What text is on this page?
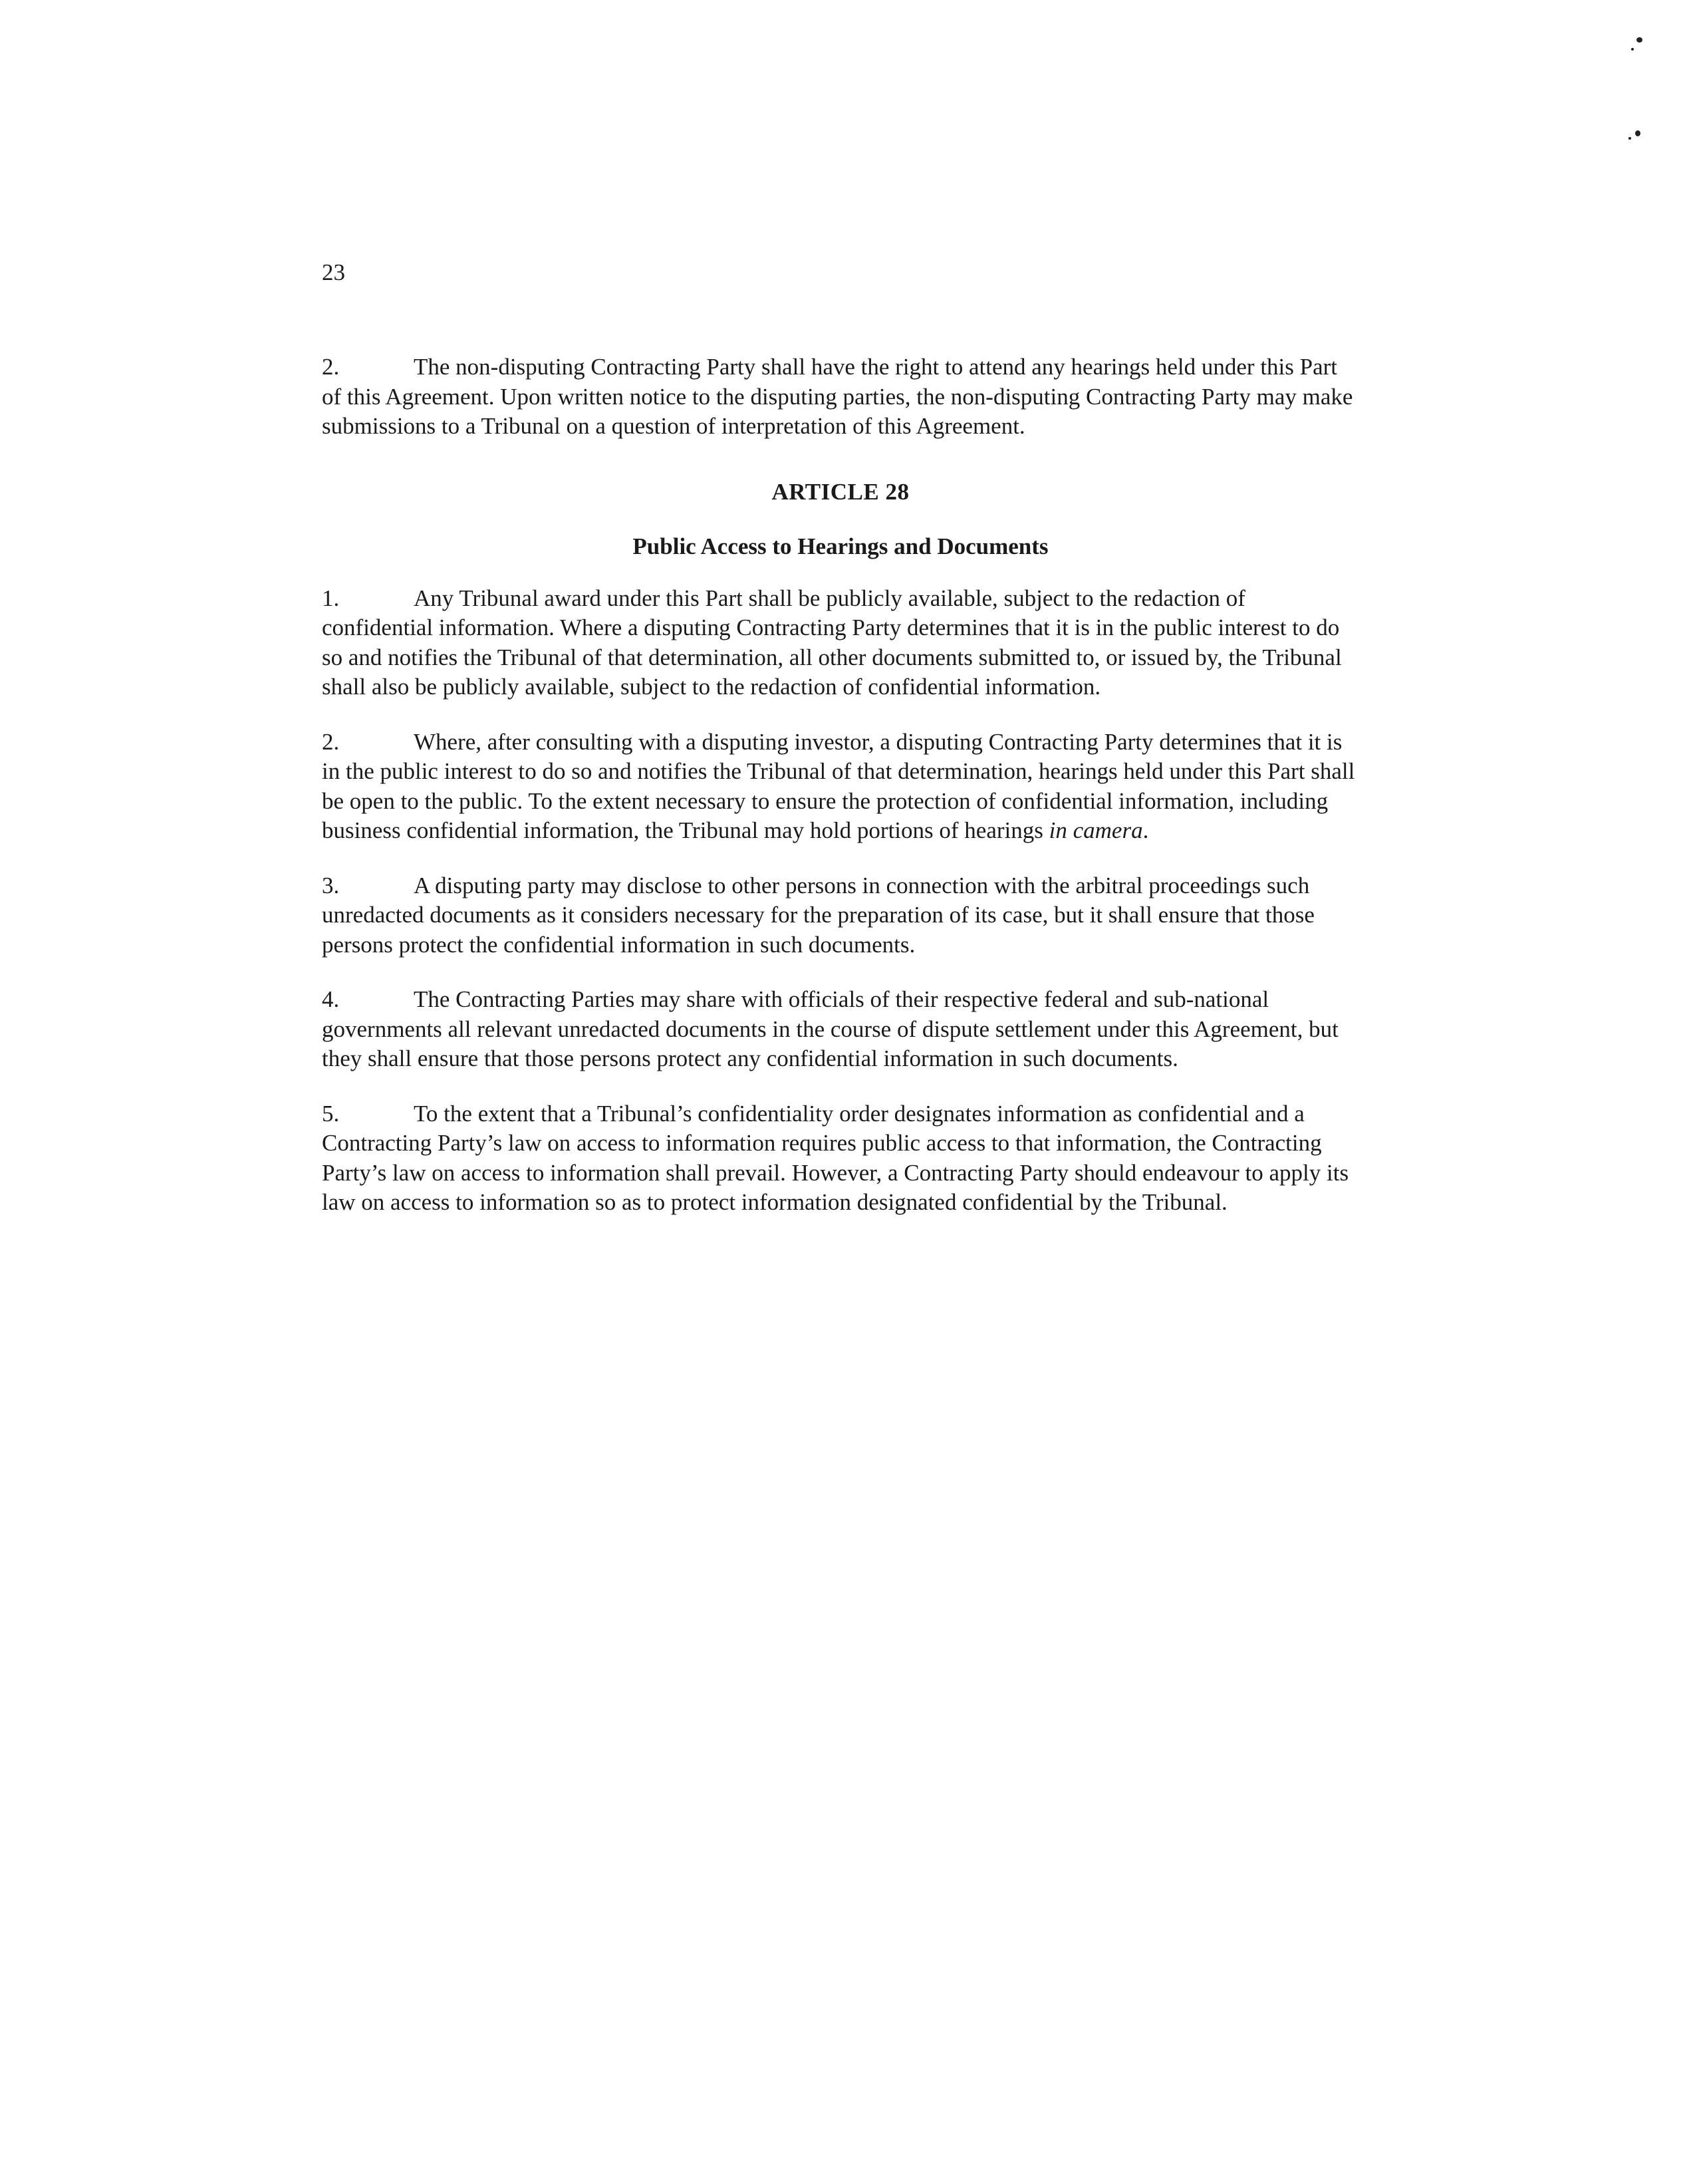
23

2.	The non-disputing Contracting Party shall have the right to attend any hearings held under this Part of this Agreement. Upon written notice to the disputing parties, the non-disputing Contracting Party may make submissions to a Tribunal on a question of interpretation of this Agreement.

ARTICLE 28
Public Access to Hearings and Documents

1.	Any Tribunal award under this Part shall be publicly available, subject to the redaction of confidential information. Where a disputing Contracting Party determines that it is in the public interest to do so and notifies the Tribunal of that determination, all other documents submitted to, or issued by, the Tribunal shall also be publicly available, subject to the redaction of confidential information.

2.	Where, after consulting with a disputing investor, a disputing Contracting Party determines that it is in the public interest to do so and notifies the Tribunal of that determination, hearings held under this Part shall be open to the public. To the extent necessary to ensure the protection of confidential information, including business confidential information, the Tribunal may hold portions of hearings in camera.

3.	A disputing party may disclose to other persons in connection with the arbitral proceedings such unredacted documents as it considers necessary for the preparation of its case, but it shall ensure that those persons protect the confidential information in such documents.

4.	The Contracting Parties may share with officials of their respective federal and sub-national governments all relevant unredacted documents in the course of dispute settlement under this Agreement, but they shall ensure that those persons protect any confidential information in such documents.

5.	To the extent that a Tribunal’s confidentiality order designates information as confidential and a Contracting Party’s law on access to information requires public access to that information, the Contracting Party’s law on access to information shall prevail. However, a Contracting Party should endeavour to apply its law on access to information so as to protect information designated confidential by the Tribunal.
